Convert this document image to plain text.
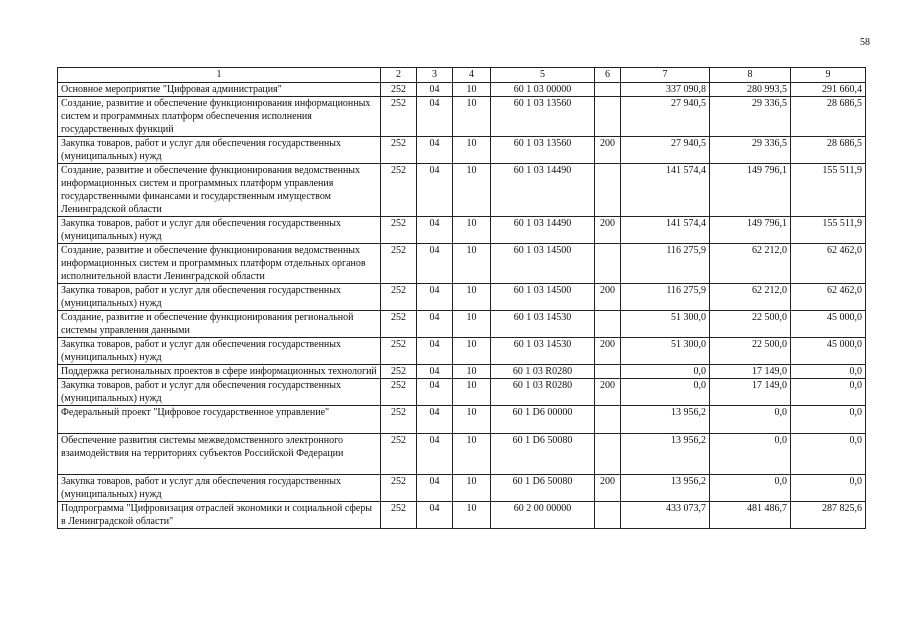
58
1	2	3	4	5	6	7	8	9
Основное мероприятие "Цифровая администрация"	252	04	10	60 1 03 00000		337 090,8	280 993,5	291 660,4
Создание, развитие и обеспечение функционирования информационных систем и программных платформ обеспечения исполнения государственных функций	252	04	10	60 1 03 13560		27 940,5	29 336,5	28 686,5
Закупка товаров, работ и услуг для обеспечения государственных (муниципальных) нужд	252	04	10	60 1 03 13560	200	27 940,5	29 336,5	28 686,5
Создание, развитие и обеспечение функционирования ведомственных информационных систем и программных платформ управления государственными финансами и государственным имуществом Ленинградской области	252	04	10	60 1 03 14490		141 574,4	149 796,1	155 511,9
Закупка товаров, работ и услуг для обеспечения государственных (муниципальных) нужд	252	04	10	60 1 03 14490	200	141 574,4	149 796,1	155 511,9
Создание, развитие и обеспечение функционирования ведомственных информационных систем и программных платформ отдельных органов исполнительной власти Ленинградской области	252	04	10	60 1 03 14500		116 275,9	62 212,0	62 462,0
Закупка товаров, работ и услуг для обеспечения государственных (муниципальных) нужд	252	04	10	60 1 03 14500	200	116 275,9	62 212,0	62 462,0
Создание, развитие и обеспечение функционирования региональной системы управления данными	252	04	10	60 1 03 14530		51 300,0	22 500,0	45 000,0
Закупка товаров, работ и услуг для обеспечения государственных (муниципальных) нужд	252	04	10	60 1 03 14530	200	51 300,0	22 500,0	45 000,0
Поддержка региональных проектов в сфере информационных технологий	252	04	10	60 1 03 R0280		0,0	17 149,0	0,0
Закупка товаров, работ и услуг для обеспечения государственных (муниципальных) нужд	252	04	10	60 1 03 R0280	200	0,0	17 149,0	0,0
Федеральный проект "Цифровое государственное управление"	252	04	10	60 1 D6 00000		13 956,2	0,0	0,0
Обеспечение развития системы межведомственного электронного взаимодействия на территориях субъектов Российской Федерации	252	04	10	60 1 D6 50080		13 956,2	0,0	0,0
Закупка товаров, работ и услуг для обеспечения государственных (муниципальных) нужд	252	04	10	60 1 D6 50080	200	13 956,2	0,0	0,0
Подпрограмма "Цифровизация отраслей экономики и социальной сферы в Ленинградской области"	252	04	10	60 2 00 00000		433 073,7	481 486,7	287 825,6
